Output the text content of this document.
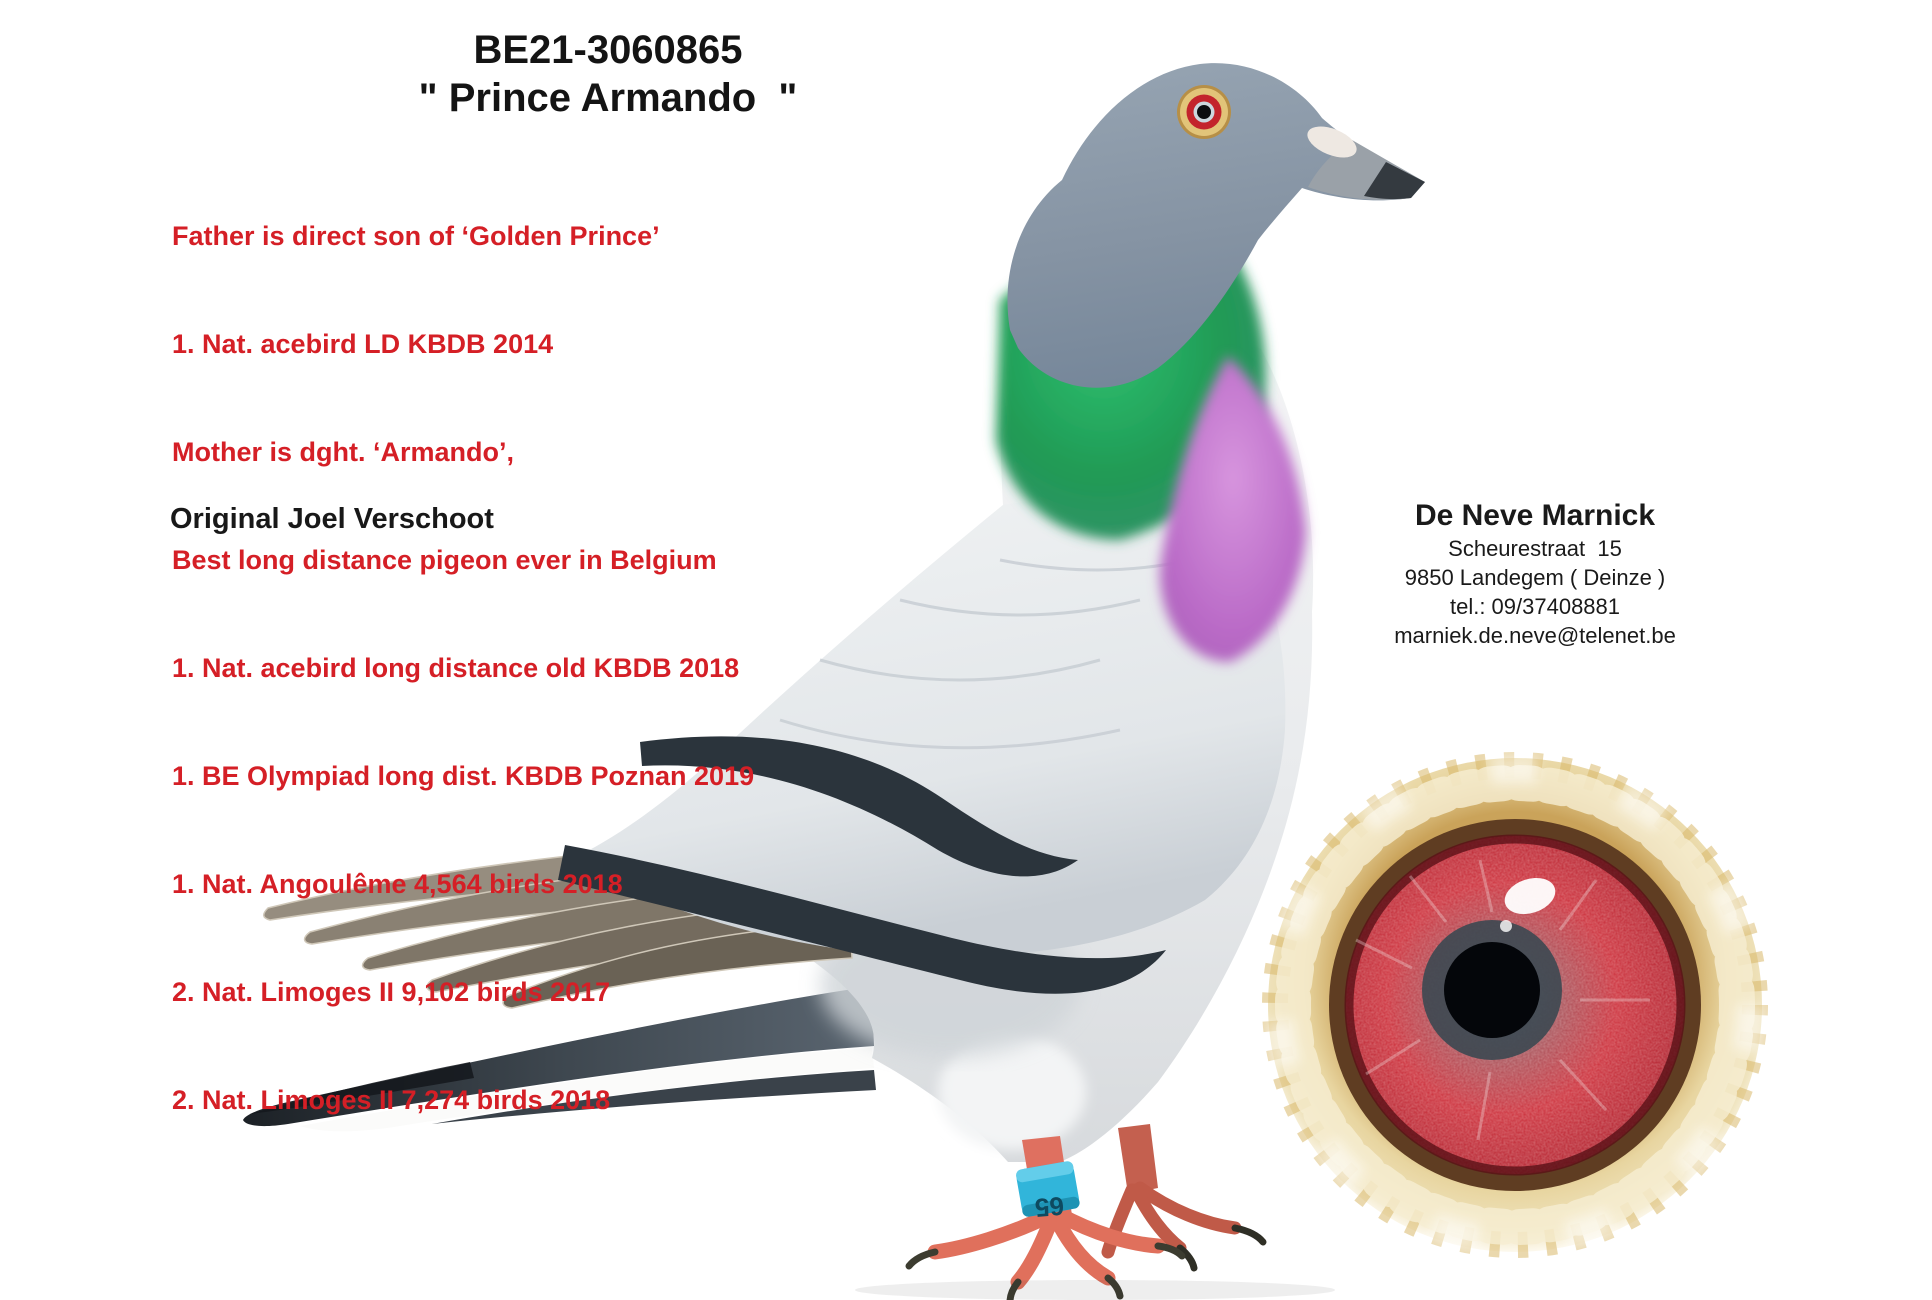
65
BE21-3060865
" Prince Armando  "

Father is direct son of ‘Golden Prince’

1. Nat. acebird LD KBDB 2014

Mother is dght. ‘Armando’,

Best long distance pigeon ever in Belgium

1. Nat. acebird long distance old KBDB 2018

1. BE Olympiad long dist. KBDB Poznan 2019

1. Nat. Angoulême 4,564 birds 2018

2. Nat. Limoges II 9,102 birds 2017

2. Nat. Limoges II 7,274 birds 2018

Original Joel Verschoot	De Neve Marnick
Scheurestraat  15
9850 Landegem ( Deinze )
tel.: 09/37408881
marniek.de.neve@telenet.be
